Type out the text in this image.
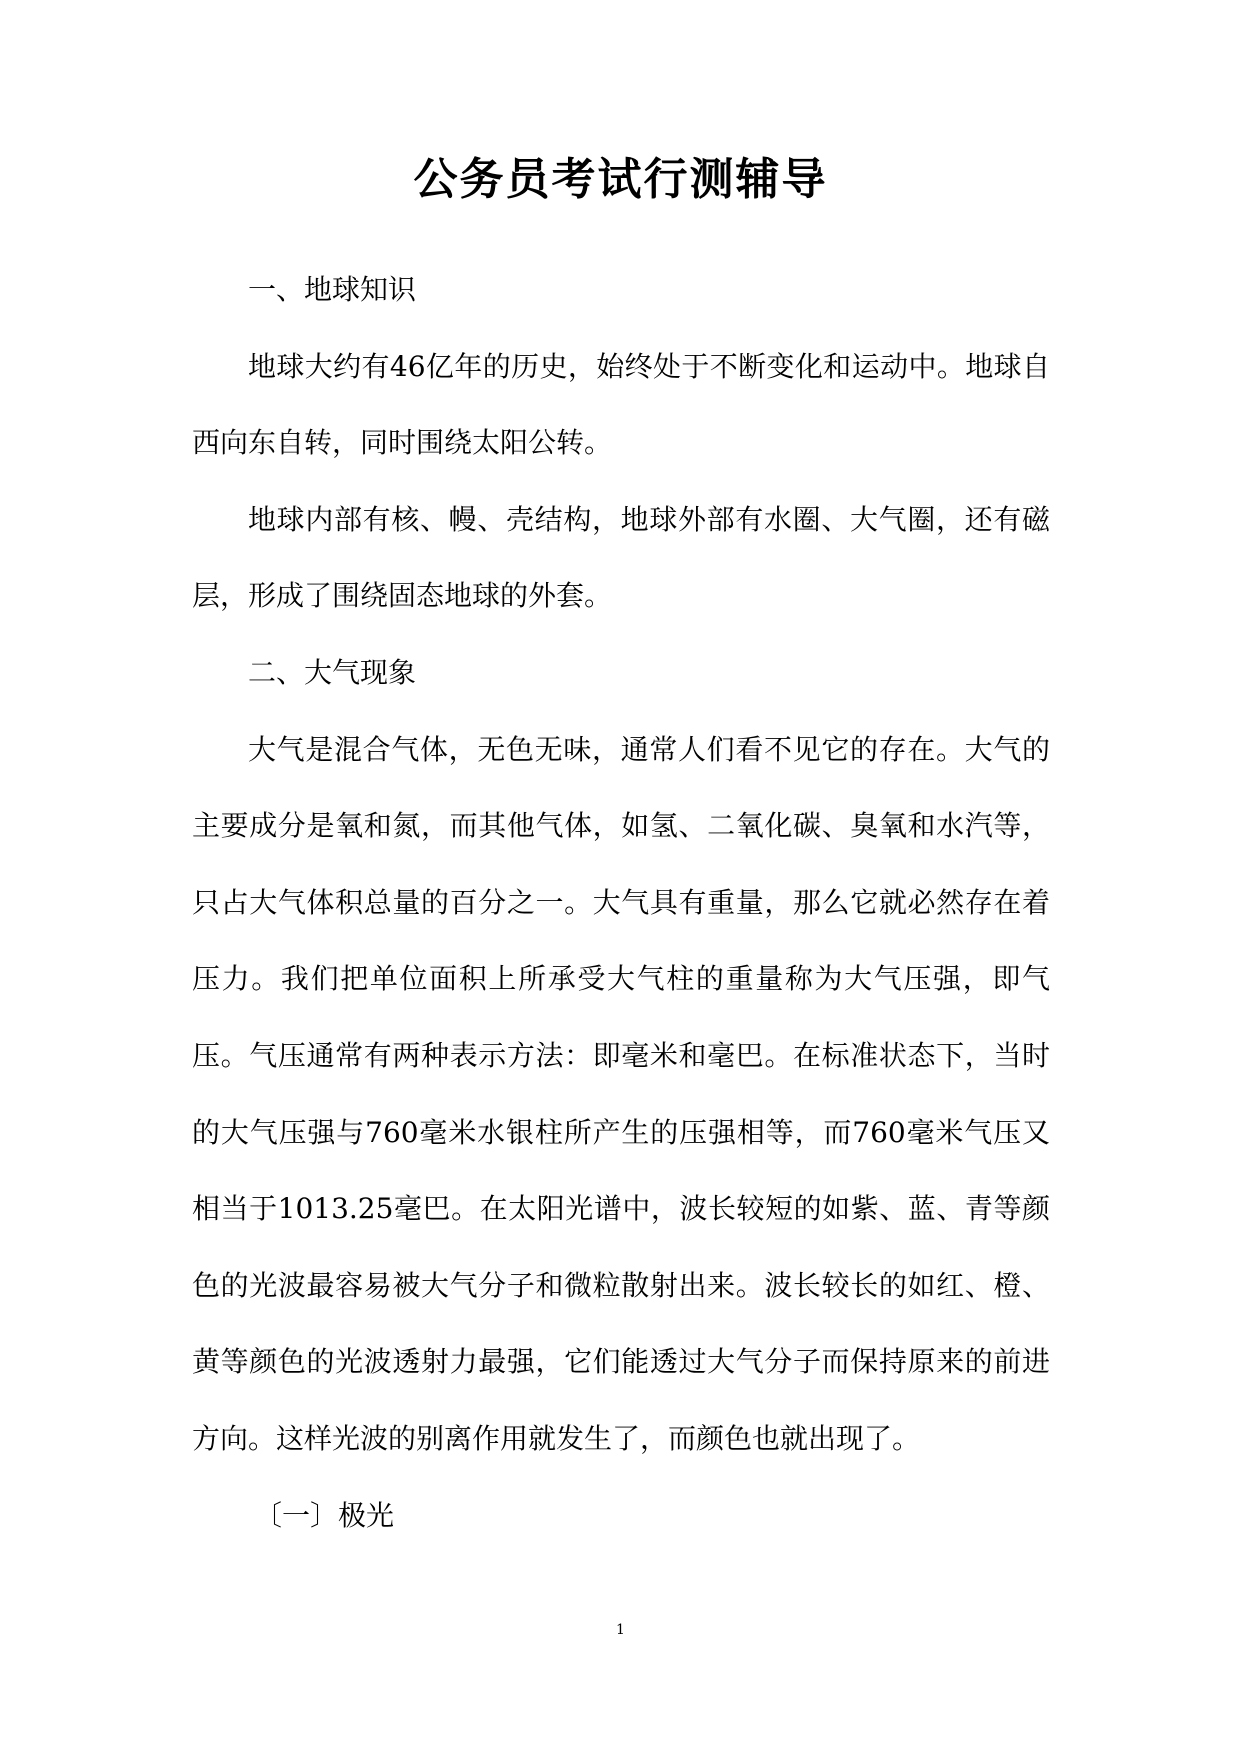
公务员考试行测辅导

一、地球知识

地球大约有46亿年的历史，始终处于不断变化和运动中。地球自西向东自转，同时围绕太阳公转。

地球内部有核、幔、壳结构，地球外部有水圈、大气圈，还有磁层，形成了围绕固态地球的外套。

二、大气现象

大气是混合气体，无色无味，通常人们看不见它的存在。大气的主要成分是氧和氮，而其他气体，如氢、二氧化碳、臭氧和水汽等，只占大气体积总量的百分之一。大气具有重量，那么它就必然存在着压力。我们把单位面积上所承受大气柱的重量称为大气压强，即气压。气压通常有两种表示方法：即毫米和毫巴。在标准状态下，当时的大气压强与760毫米水银柱所产生的压强相等，而760毫米气压又相当于1013.25毫巴。在太阳光谱中，波长较短的如紫、蓝、青等颜色的光波最容易被大气分子和微粒散射出来。波长较长的如红、橙、黄等颜色的光波透射力最强，它们能透过大气分子而保持原来的前进方向。这样光波的别离作用就发生了，而颜色也就出现了。

〔一〕极光

1
